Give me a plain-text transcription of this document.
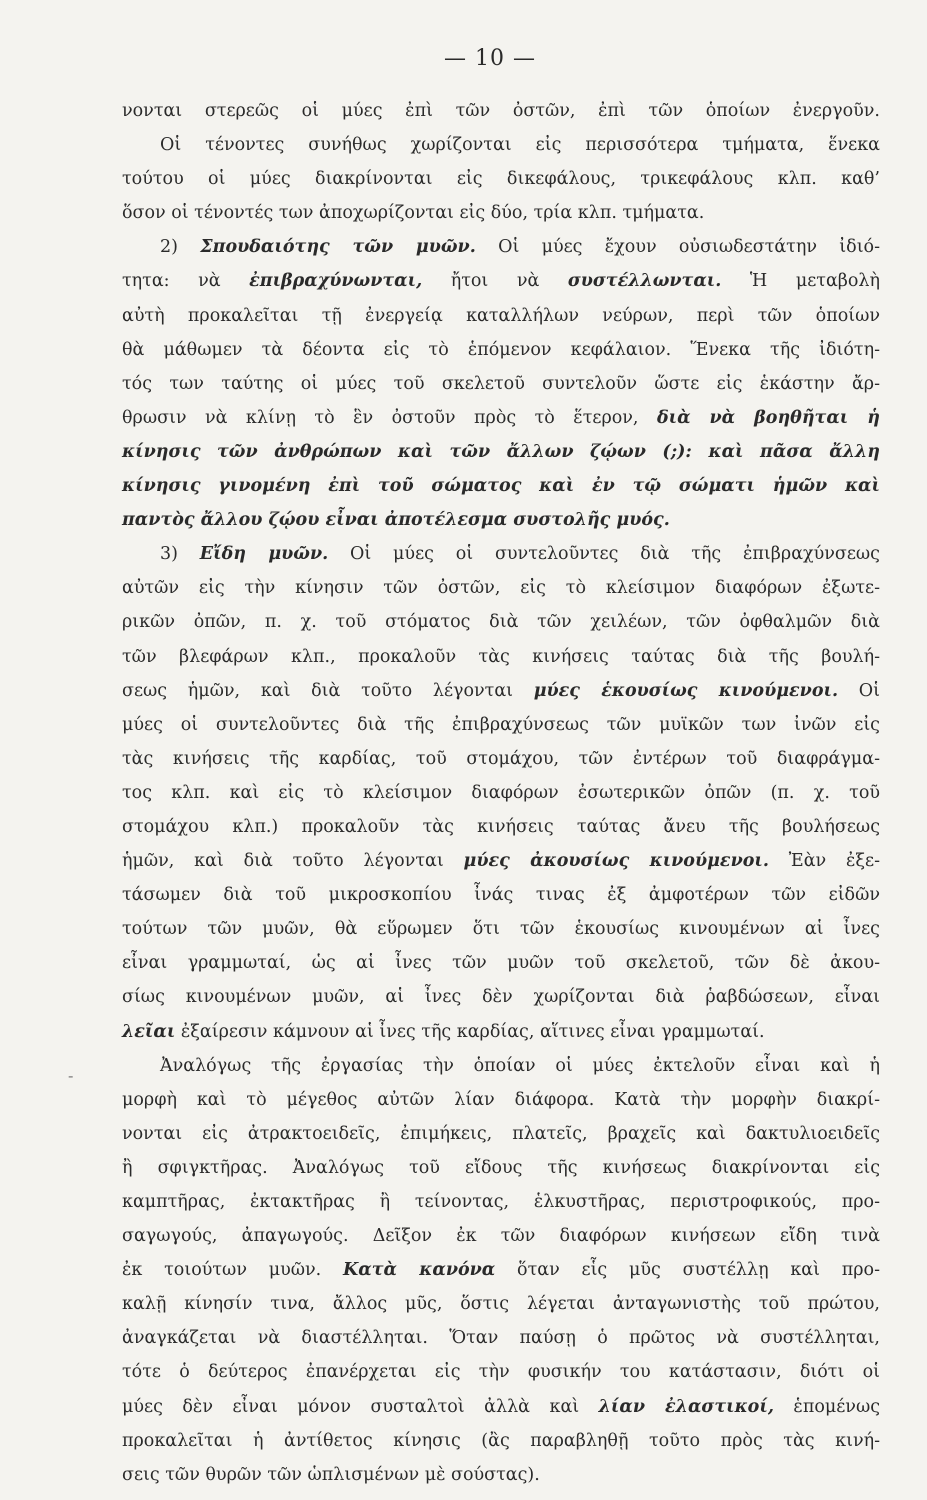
— 10 —
-
νονται στερεῶς οἱ μύες ἐπὶ τῶν ὀστῶν, ἐπὶ τῶν ὁποίων ἐνεργοῦν.
Οἱ τένοντες συνήθως χωρίζονται εἰς περισσότερα τμήματα, ἕνεκα
τούτου οἱ μύες διακρίνονται εἰς δικεφάλους, τρικεφάλους κλπ. καθ’
ὅσον οἱ τένοντές των ἀποχωρίζονται εἰς δύο, τρία κλπ. τμήματα.
2) Σπουδαιότης τῶν μυῶν. Οἱ μύες ἔχουν οὐσιωδεστάτην ἰδιό-
τητα: νὰ ἐπιβραχύνωνται, ἤτοι νὰ συστέλλωνται. Ἡ μεταβολὴ
αὐτὴ προκαλεῖται τῇ ἐνεργείᾳ καταλλήλων νεύρων, περὶ τῶν ὁποίων
θὰ μάθωμεν τὰ δέοντα εἰς τὸ ἑπόμενον κεφάλαιον. Ἕνεκα τῆς ἰδιότη-
τός των ταύτης οἱ μύες τοῦ σκελετοῦ συντελοῦν ὥστε εἰς ἑκάστην ἄρ-
θρωσιν νὰ κλίνῃ τὸ ἓν ὀστοῦν πρὸς τὸ ἕτερον, διὰ νὰ βοηθῆται ἡ
κίνησις τῶν ἀνθρώπων καὶ τῶν ἄλλων ζῴων (;): καὶ πᾶσα ἄλλη
κίνησις γινομένη ἐπὶ τοῦ σώματος καὶ ἐν τῷ σώματι ἡμῶν καὶ
παντὸς ἄλλου ζῴου εἶναι ἀποτέλεσμα συστολῆς μυός.
3) Εἴδη μυῶν. Οἱ μύες οἱ συντελοῦντες διὰ τῆς ἐπιβραχύνσεως
αὐτῶν εἰς τὴν κίνησιν τῶν ὀστῶν, εἰς τὸ κλείσιμον διαφόρων ἐξωτε-
ρικῶν ὀπῶν, π. χ. τοῦ στόματος διὰ τῶν χειλέων, τῶν ὀφθαλμῶν διὰ
τῶν βλεφάρων κλπ., προκαλοῦν τὰς κινήσεις ταύτας διὰ τῆς βουλή-
σεως ἡμῶν, καὶ διὰ τοῦτο λέγονται μύες ἑκουσίως κινούμενοι. Οἱ
μύες οἱ συντελοῦντες διὰ τῆς ἐπιβραχύνσεως τῶν μυϊκῶν των ἰνῶν εἰς
τὰς κινήσεις τῆς καρδίας, τοῦ στομάχου, τῶν ἐντέρων τοῦ διαφράγμα-
τος κλπ. καὶ εἰς τὸ κλείσιμον διαφόρων ἐσωτερικῶν ὀπῶν (π. χ. τοῦ
στομάχου κλπ.) προκαλοῦν τὰς κινήσεις ταύτας ἄνευ τῆς βουλήσεως
ἡμῶν, καὶ διὰ τοῦτο λέγονται μύες ἀκουσίως κινούμενοι. Ἐὰν ἐξε-
τάσωμεν διὰ τοῦ μικροσκοπίου ἶνάς τινας ἐξ ἀμφοτέρων τῶν εἰδῶν
τούτων τῶν μυῶν, θὰ εὕρωμεν ὅτι τῶν ἑκουσίως κινουμένων αἱ ἶνες
εἶναι γραμμωταί, ὡς αἱ ἶνες τῶν μυῶν τοῦ σκελετοῦ, τῶν δὲ ἀκου-
σίως κινουμένων μυῶν, αἱ ἶνες δὲν χωρίζονται διὰ ῥαβδώσεων, εἶναι
λεῖαι ἐξαίρεσιν κάμνουν αἱ ἶνες τῆς καρδίας, αἵτινες εἶναι γραμμωταί.
Ἀναλόγως τῆς ἐργασίας τὴν ὁποίαν οἱ μύες ἐκτελοῦν εἶναι καὶ ἡ
μορφὴ καὶ τὸ μέγεθος αὐτῶν λίαν διάφορα. Κατὰ τὴν μορφὴν διακρί-
νονται εἰς ἀτρακτοειδεῖς, ἐπιμήκεις, πλατεῖς, βραχεῖς καὶ δακτυλιοειδεῖς
ἢ σφιγκτῆρας. Ἀναλόγως τοῦ εἴδους τῆς κινήσεως διακρίνονται εἰς
καμπτῆρας, ἐκτακτῆρας ἢ τείνοντας, ἑλκυστῆρας, περιστροφικούς, προ-
σαγωγούς, ἀπαγωγούς. Δεῖξον ἐκ τῶν διαφόρων κινήσεων εἴδη τινὰ
ἐκ τοιούτων μυῶν. Κατὰ κανόνα ὅταν εἷς μῦς συστέλλῃ καὶ προ-
καλῇ κίνησίν τινα, ἄλλος μῦς, ὅστις λέγεται ἀνταγωνιστὴς τοῦ πρώτου,
ἀναγκάζεται νὰ διαστέλληται. Ὅταν παύσῃ ὁ πρῶτος νὰ συστέλληται,
τότε ὁ δεύτερος ἐπανέρχεται εἰς τὴν φυσικήν του κατάστασιν, διότι οἱ
μύες δὲν εἶναι μόνον συσταλτοὶ ἀλλὰ καὶ λίαν ἐλαστικοί, ἑπομένως
προκαλεῖται ἡ ἀντίθετος κίνησις (ἂς παραβληθῇ τοῦτο πρὸς τὰς κινή-
σεις τῶν θυρῶν τῶν ὡπλισμένων μὲ σούστας).
